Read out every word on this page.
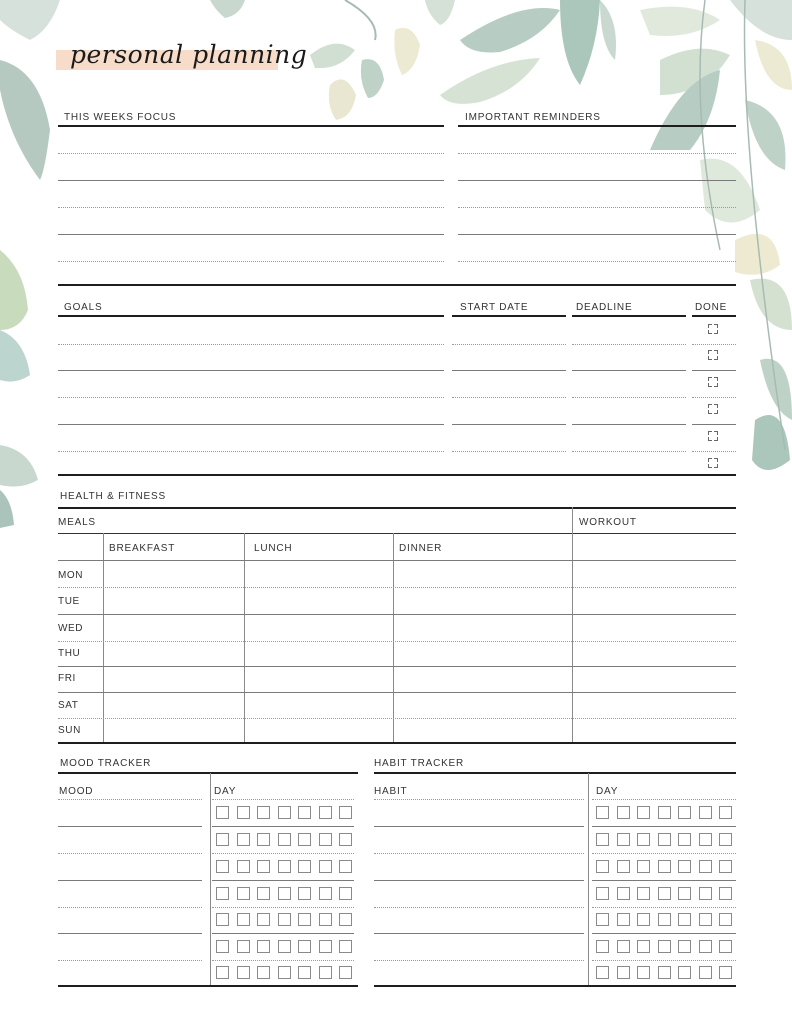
personal planning
THIS WEEKS FOCUS	IMPORTANT REMINDERS
GOALS	START DATE	DEADLINE	DONE
HEALTH & FITNESS
MEALS	WORKOUT
BREAKFAST	LUNCH	DINNER
MON
TUE
WED
THU
FRI
SAT
SUN
MOOD TRACKER
MOOD	DAY
HABIT TRACKER
HABIT	DAY
